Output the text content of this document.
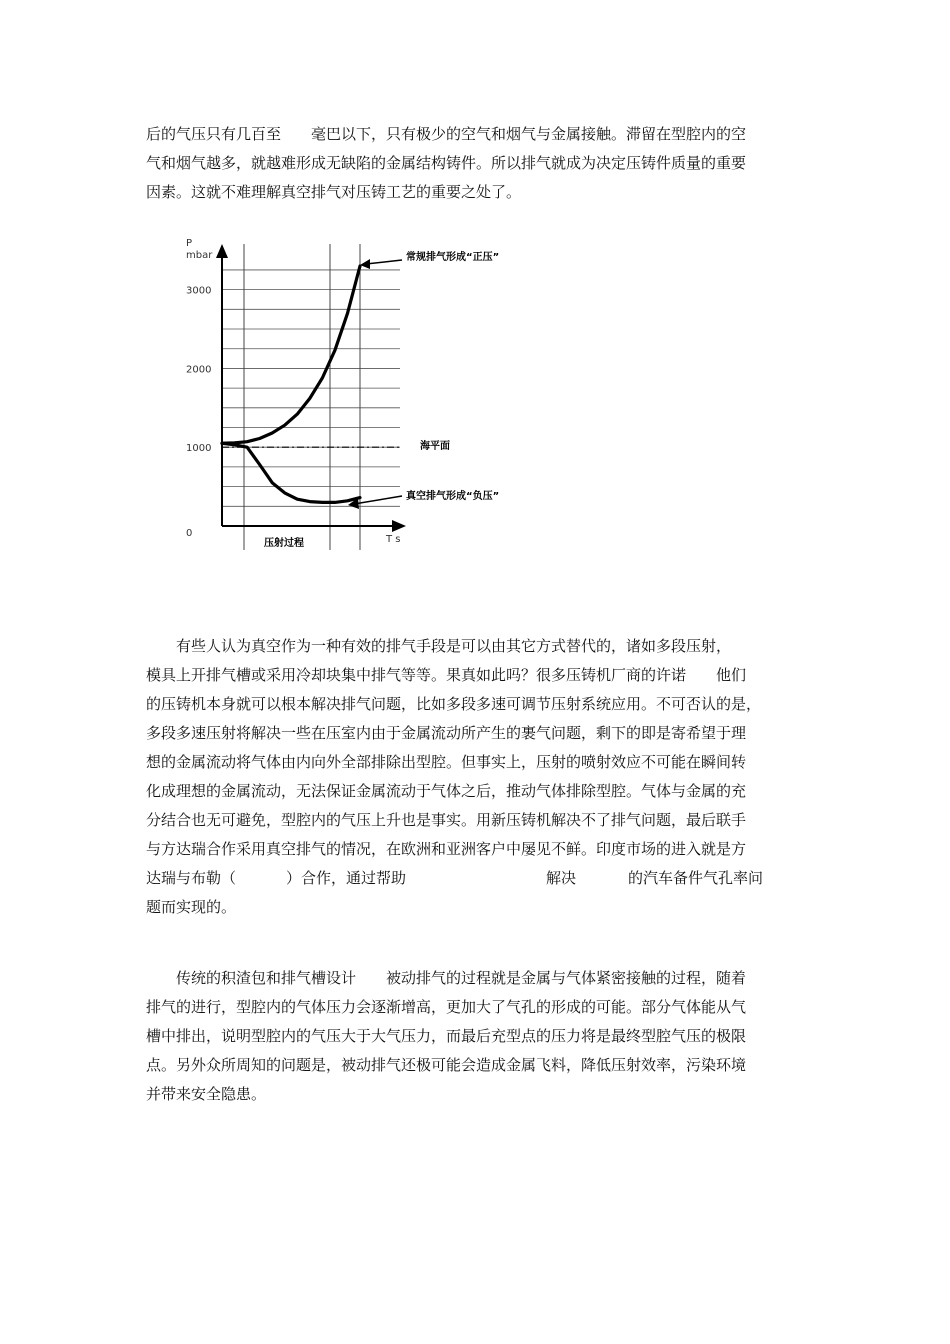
后的气压只有几百至 毫巴以下，只有极少的空气和烟气与金属接触。滞留在型腔内的空
气和烟气越多，就越难形成无缺陷的金属结构铸件。所以排气就成为决定压铸件质量的重要
因素。这就不难理解真空排气对压铸工艺的重要之处了。
3000
2000
1000
0
P
mbar
T s
压射过程
海平面
常规排气形成“正压”
真空排气形成“负压”
有些人认为真空作为一种有效的排气手段是可以由其它方式替代的，诸如多段压射，
模具上开排气槽或采用冷却块集中排气等等。果真如此吗？很多压铸机厂商的许诺 他们
的压铸机本身就可以根本解决排气问题，比如多段多速可调节压射系统应用。不可否认的是，
多段多速压射将解决一些在压室内由于金属流动所产生的裹气问题，剩下的即是寄希望于理
想的金属流动将气体由内向外全部排除出型腔。但事实上，压射的喷射效应不可能在瞬间转
化成理想的金属流动，无法保证金属流动于气体之后，推动气体排除型腔。气体与金属的充
分结合也无可避免，型腔内的气压上升也是事实。用新压铸机解决不了排气问题，最后联手
与方达瑞合作采用真空排气的情况，在欧洲和亚洲客户中屡见不鲜。印度市场的进入就是方
达瑞与布勒（	）合作，通过帮助	解决	的汽车备件气孔率问
题而实现的。
传统的积渣包和排气槽设计 被动排气的过程就是金属与气体紧密接触的过程，随着
排气的进行，型腔内的气体压力会逐渐增高，更加大了气孔的形成的可能。部分气体能从气
槽中排出，说明型腔内的气压大于大气压力，而最后充型点的压力将是最终型腔气压的极限
点。另外众所周知的问题是，被动排气还极可能会造成金属飞料，降低压射效率，污染环境
并带来安全隐患。
